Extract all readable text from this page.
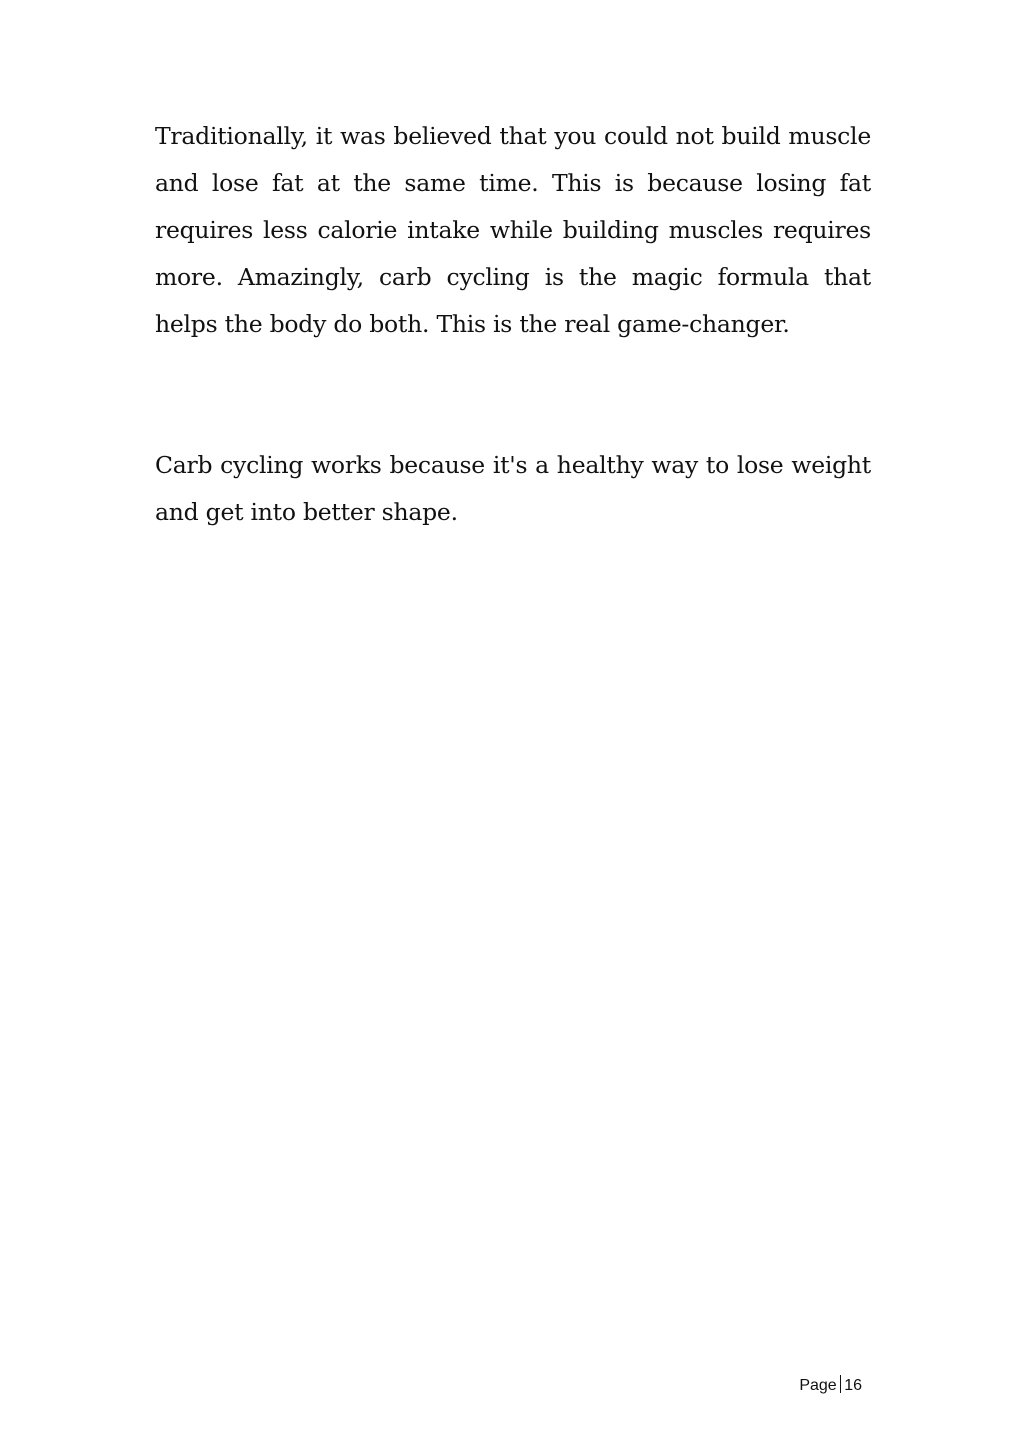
Traditionally, it was believed that you could not build muscle and lose fat at the same time. This is because losing fat requires less calorie intake while building muscles requires more. Amazingly, carb cycling is the magic formula that helps the body do both. This is the real game-changer.

Carb cycling works because it's a healthy way to lose weight and get into better shape.

Page 16
